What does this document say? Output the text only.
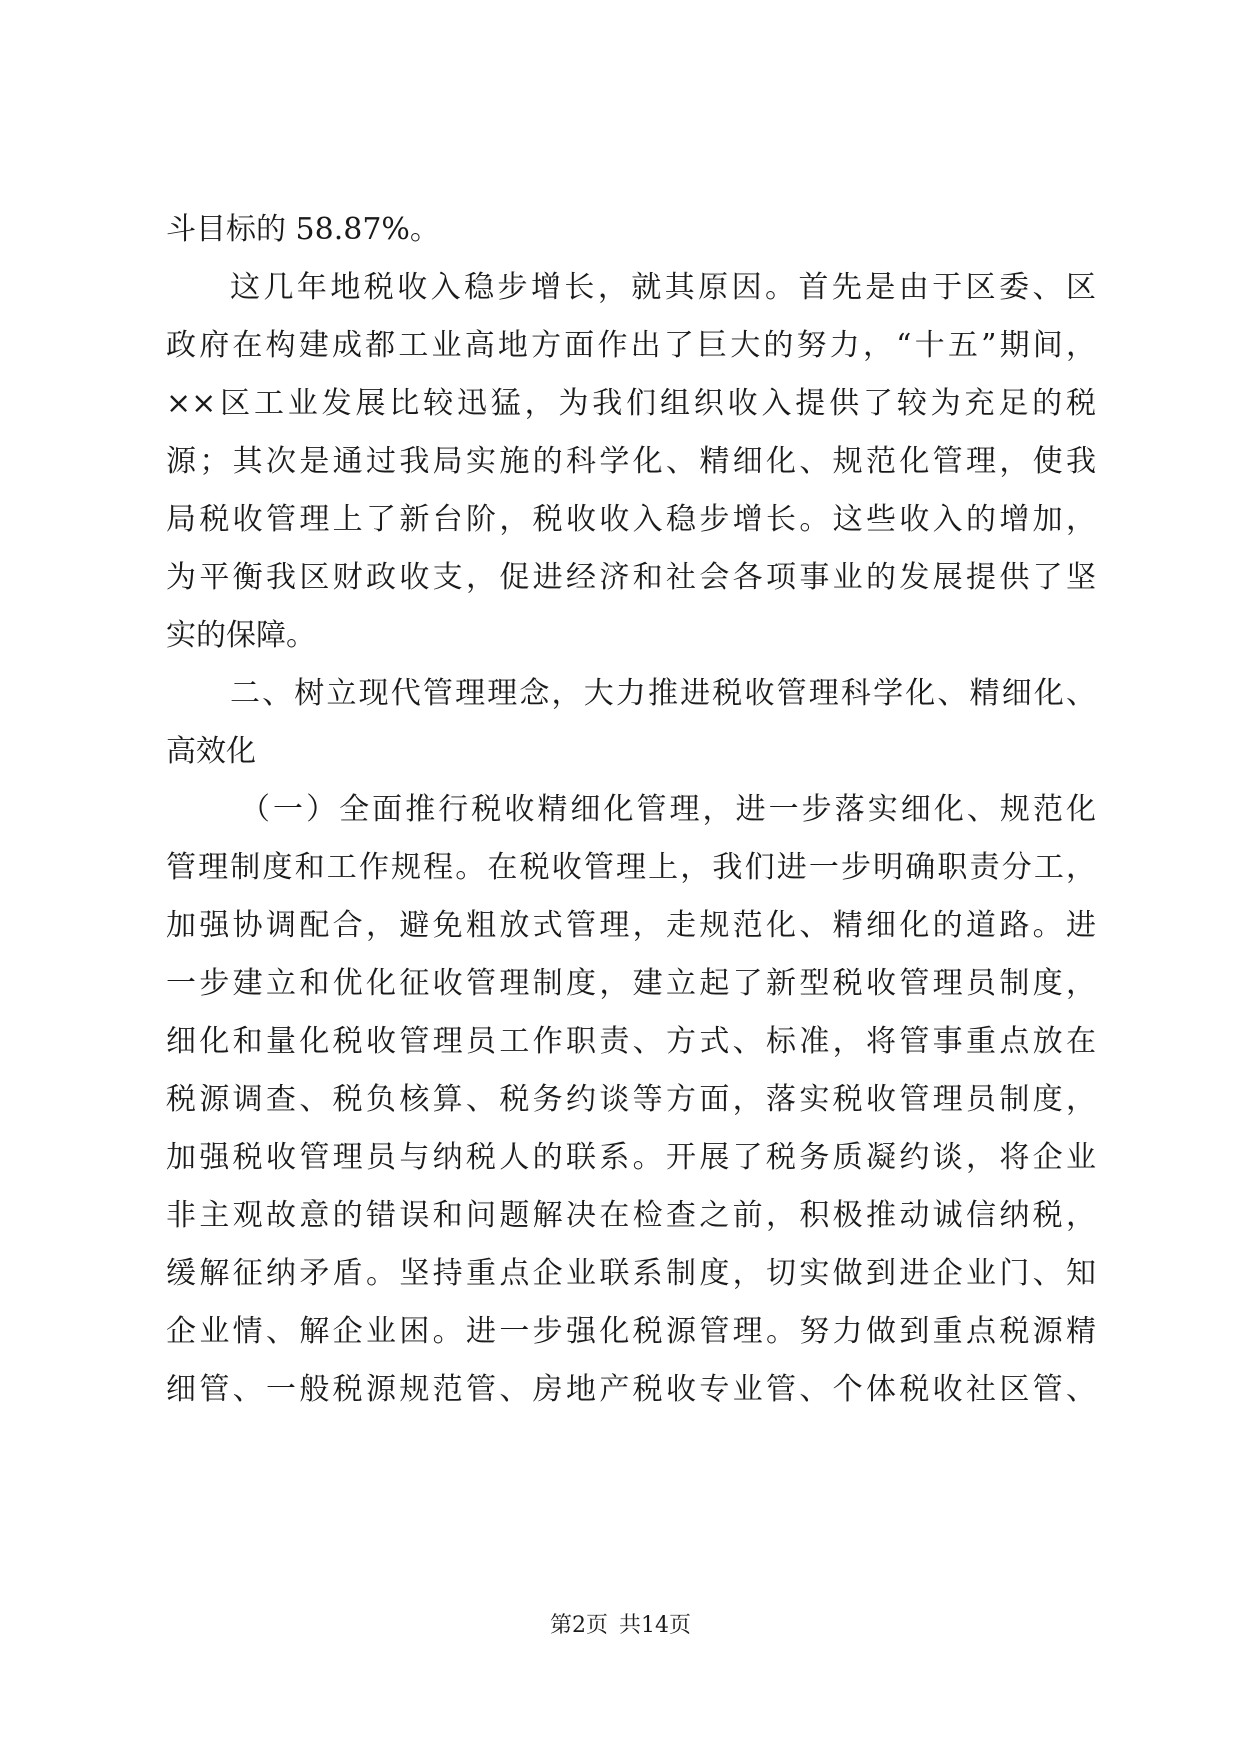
斗目标的 58.87%。
这几年地税收入稳步增长，就其原因。首先是由于区委、区
政府在构建成都工业高地方面作出了巨大的努力，“十五”期间，
××区工业发展比较迅猛，为我们组织收入提供了较为充足的税
源；其次是通过我局实施的科学化、精细化、规范化管理，使我
局税收管理上了新台阶，税收收入稳步增长。这些收入的增加，
为平衡我区财政收支，促进经济和社会各项事业的发展提供了坚
实的保障。
二、树立现代管理理念，大力推进税收管理科学化、精细化、
高效化
（一）全面推行税收精细化管理，进一步落实细化、规范化
管理制度和工作规程。在税收管理上，我们进一步明确职责分工，
加强协调配合，避免粗放式管理，走规范化、精细化的道路。进
一步建立和优化征收管理制度，建立起了新型税收管理员制度，
细化和量化税收管理员工作职责、方式、标准，将管事重点放在
税源调查、税负核算、税务约谈等方面，落实税收管理员制度，
加强税收管理员与纳税人的联系。开展了税务质凝约谈，将企业
非主观故意的错误和问题解决在检查之前，积极推动诚信纳税，
缓解征纳矛盾。坚持重点企业联系制度，切实做到进企业门、知
企业情、解企业困。进一步强化税源管理。努力做到重点税源精
细管、一般税源规范管、房地产税收专业管、个体税收社区管、
第2页 共14页
